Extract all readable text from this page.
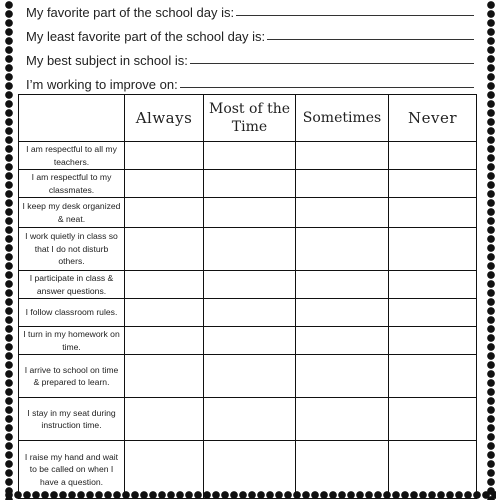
My favorite part of the school day is:
My least favorite part of the school day is:
My best subject in school is:
I’m working to improve on:
	Always	Most of the Time	Sometimes	Never
I am respectful to all my teachers.				
I am respectful to my classmates.				
I keep my desk organized & neat.				
I work quietly in class so that I do not disturb others.				
I participate in class & answer questions.				
I follow classroom rules.				
I turn in my homework on time.				
I arrive to school on time & prepared to learn.				
I stay in my seat during instruction time.				
I raise my hand and wait to be called on when I have a question.				
